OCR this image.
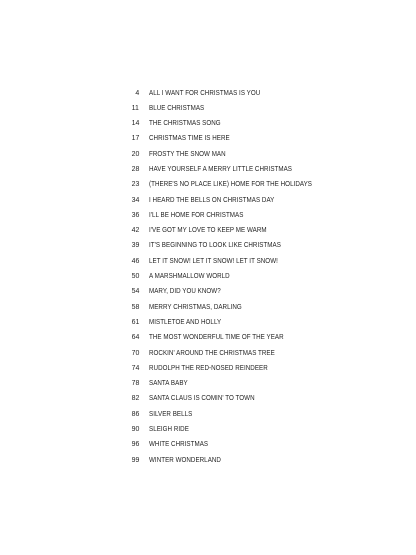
4 ALL I WANT FOR CHRISTMAS IS YOU
11 BLUE CHRISTMAS
14 THE CHRISTMAS SONG
17 CHRISTMAS TIME IS HERE
20 FROSTY THE SNOW MAN
28 HAVE YOURSELF A MERRY LITTLE CHRISTMAS
23 (THERE'S NO PLACE LIKE) HOME FOR THE HOLIDAYS
34 I HEARD THE BELLS ON CHRISTMAS DAY
36 I'LL BE HOME FOR CHRISTMAS
42 I'VE GOT MY LOVE TO KEEP ME WARM
39 IT'S BEGINNING TO LOOK LIKE CHRISTMAS
46 LET IT SNOW! LET IT SNOW! LET IT SNOW!
50 A MARSHMALLOW WORLD
54 MARY, DID YOU KNOW?
58 MERRY CHRISTMAS, DARLING
61 MISTLETOE AND HOLLY
64 THE MOST WONDERFUL TIME OF THE YEAR
70 ROCKIN' AROUND THE CHRISTMAS TREE
74 RUDOLPH THE RED-NOSED REINDEER
78 SANTA BABY
82 SANTA CLAUS IS COMIN' TO TOWN
86 SILVER BELLS
90 SLEIGH RIDE
96 WHITE CHRISTMAS
99 WINTER WONDERLAND
